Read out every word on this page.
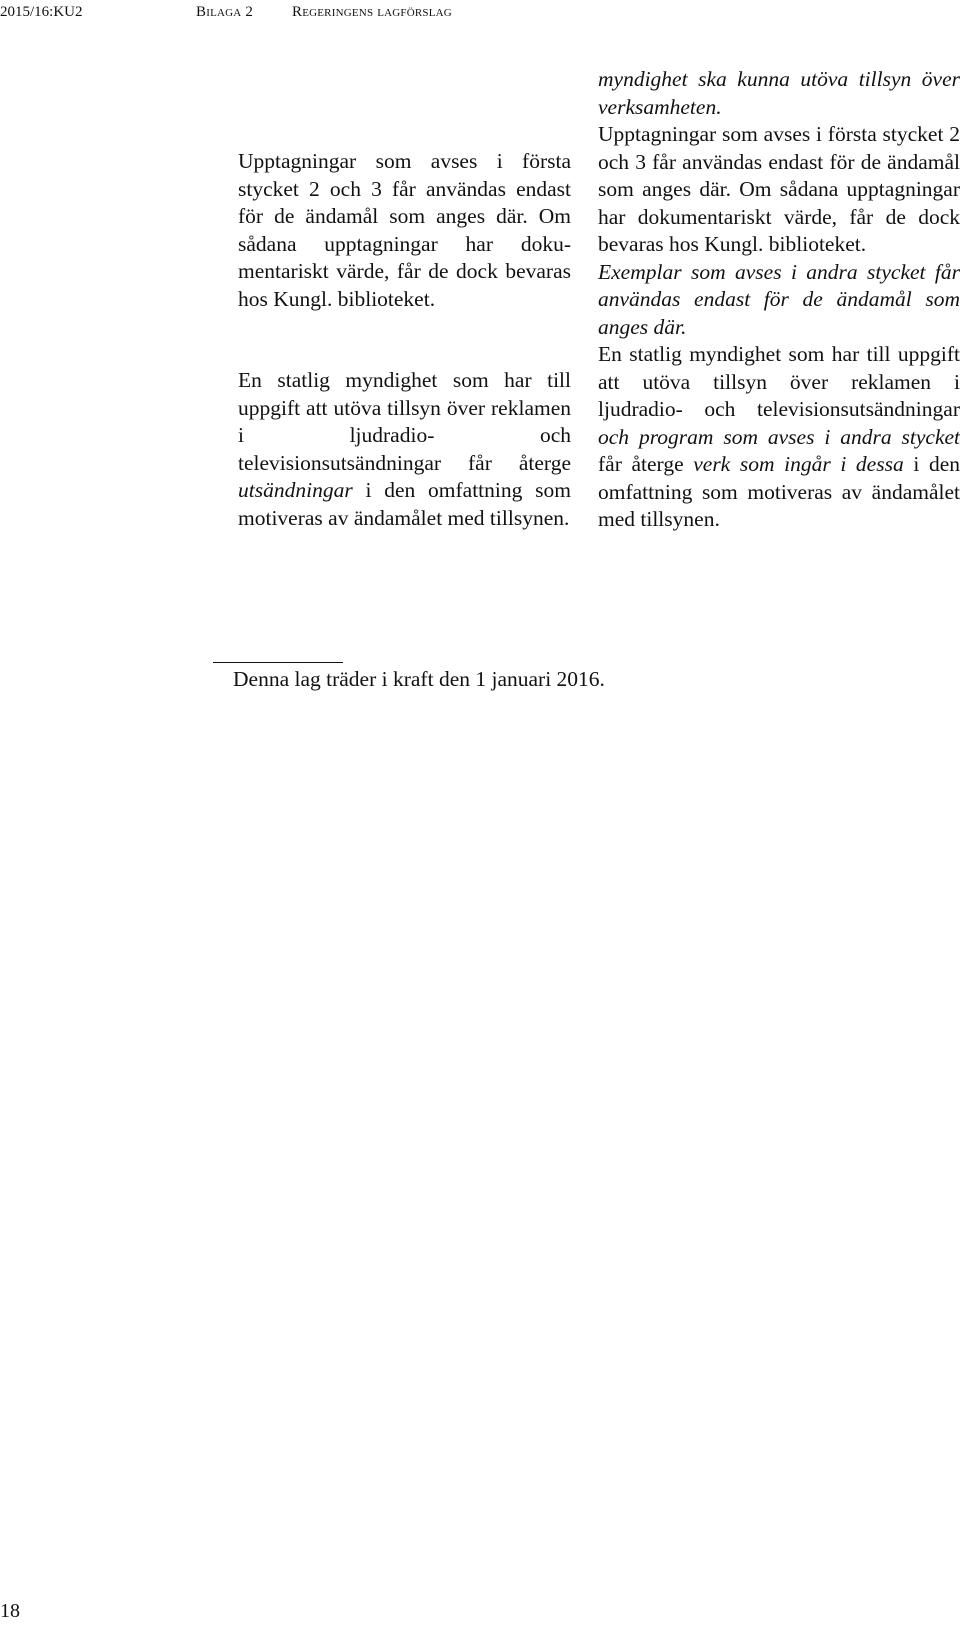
2015/16:KU2	Bilaga 2	Regeringens lagförslag

Upptagningar som avses i första stycket 2 och 3 får användas endast för de ändamål som anges där. Om sådana upptagningar har dokumentariskt värde, får de dock bevaras hos Kungl. biblioteket.

En statlig myndighet som har till uppgift att utöva tillsyn över reklamen i ljudradio- och televisionsutsändningar får återge utsändningar i den omfattning som motiveras av ändamålet med tillsynen.

myndighet ska kunna utöva tillsyn över verksamheten.

Upptagningar som avses i första stycket 2 och 3 får användas endast för de ändamål som anges där. Om sådana upptagningar har dokumentariskt värde, får de dock bevaras hos Kungl. biblioteket.

Exemplar som avses i andra stycket får användas endast för de ändamål som anges där.

En statlig myndighet som har till uppgift att utöva tillsyn över reklamen i ljudradio- och televisionsutsändningar och program som avses i andra stycket får återge verk som ingår i dessa i den omfattning som motiveras av ändamålet med tillsynen.

Denna lag träder i kraft den 1 januari 2016.
18
